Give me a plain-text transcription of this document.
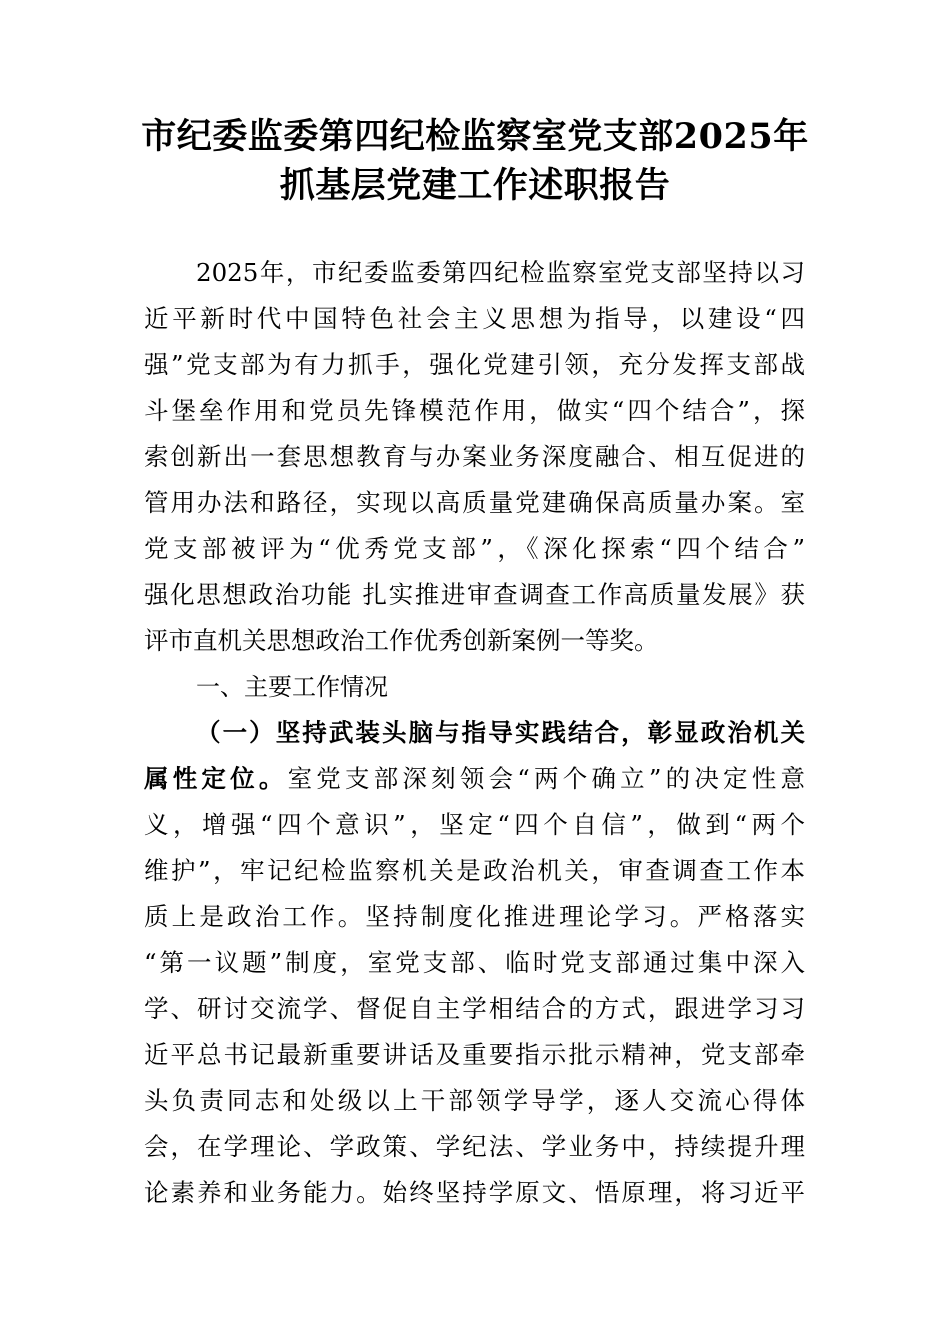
市纪委监委第四纪检监察室党支部2025年
抓基层党建工作述职报告
2025年，市纪委监委第四纪检监察室党支部坚持以习
近平新时代中国特色社会主义思想为指导，以建设“四
强”党支部为有力抓手，强化党建引领，充分发挥支部战
斗堡垒作用和党员先锋模范作用，做实“四个结合”，探
索创新出一套思想教育与办案业务深度融合、相互促进的
管用办法和路径，实现以高质量党建确保高质量办案。室
党支部被评为“优秀党支部”，《深化探索“四个结合”
强化思想政治功能 扎实推进审查调查工作高质量发展》获
评市直机关思想政治工作优秀创新案例一等奖。
一、主要工作情况
（一）坚持武装头脑与指导实践结合，彰显政治机关
属性定位。室党支部深刻领会“两个确立”的决定性意
义，增强“四个意识”，坚定“四个自信”，做到“两个
维护”，牢记纪检监察机关是政治机关，审查调查工作本
质上是政治工作。坚持制度化推进理论学习。严格落实
“第一议题”制度，室党支部、临时党支部通过集中深入
学、研讨交流学、督促自主学相结合的方式，跟进学习习
近平总书记最新重要讲话及重要指示批示精神，党支部牵
头负责同志和处级以上干部领学导学，逐人交流心得体
会，在学理论、学政策、学纪法、学业务中，持续提升理
论素养和业务能力。始终坚持学原文、悟原理，将习近平
